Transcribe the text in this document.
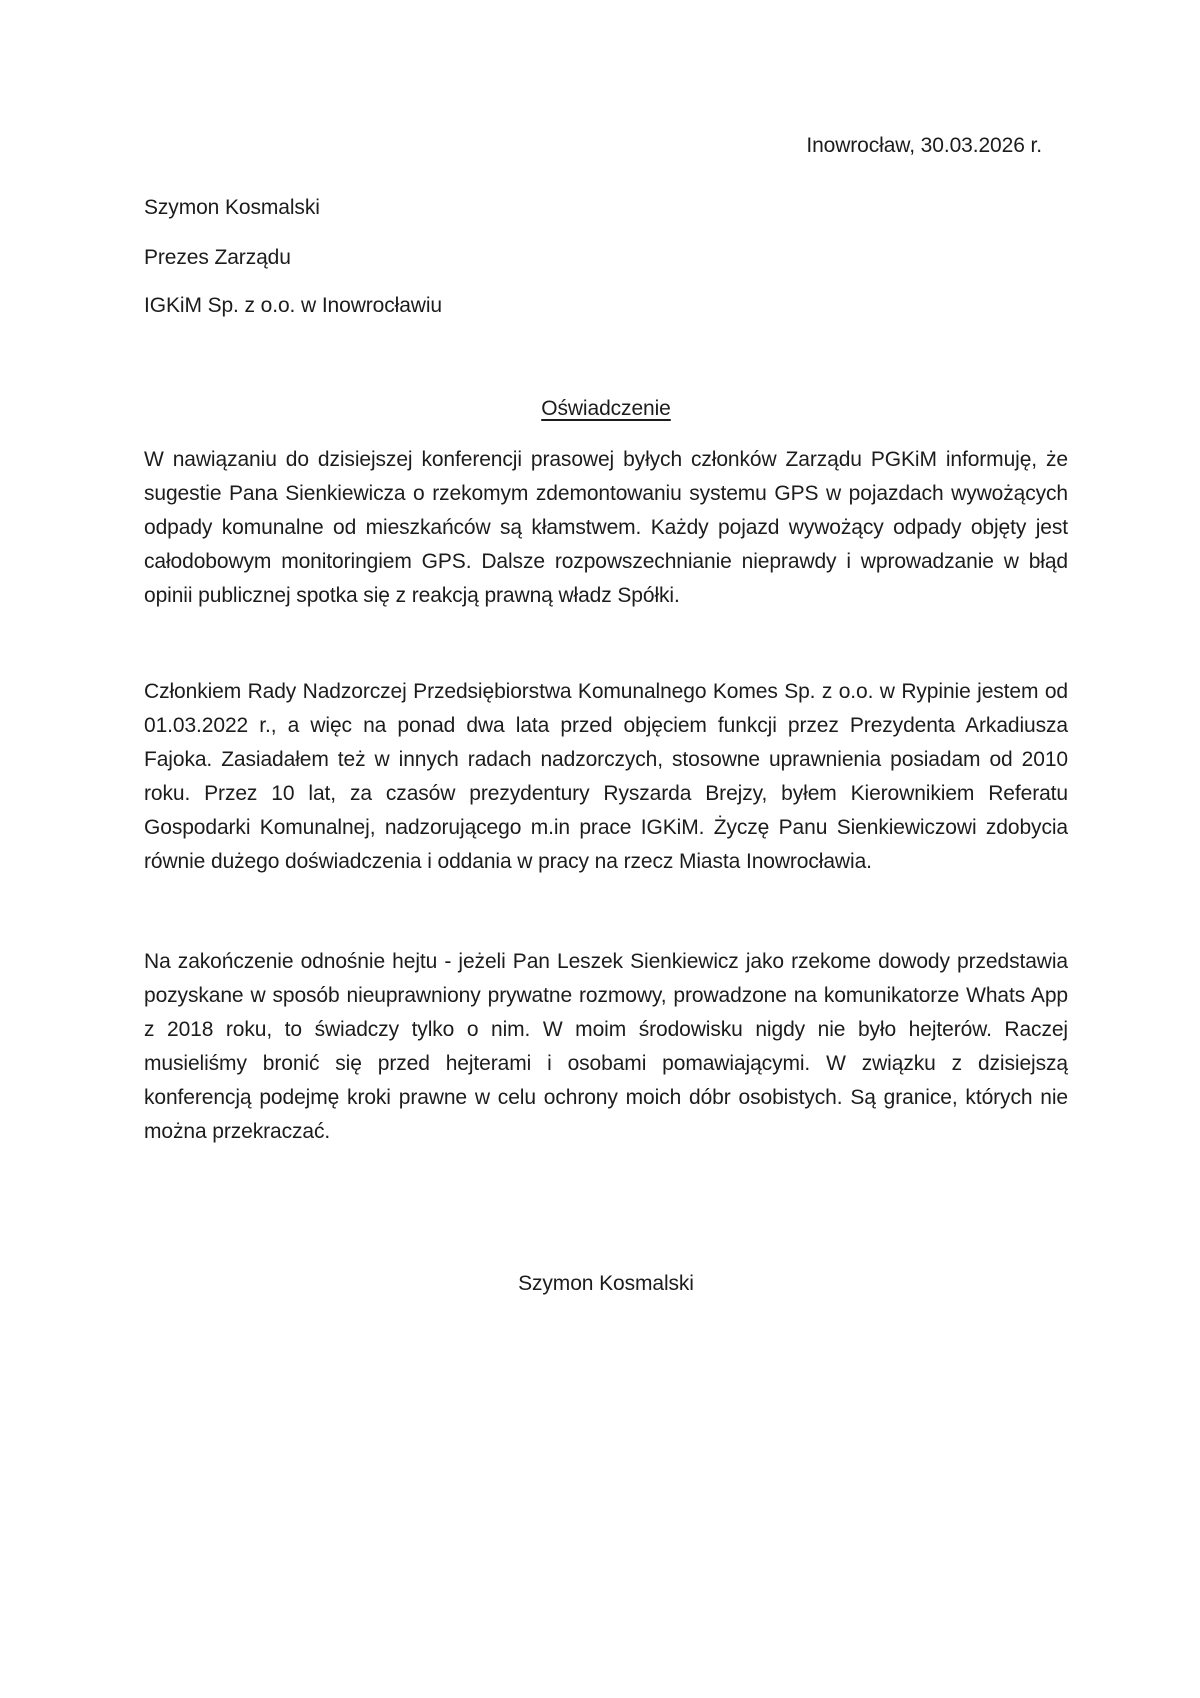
Inowrocław, 30.03.2026 r.

Szymon Kosmalski

Prezes Zarządu

IGKiM Sp. z o.o. w Inowrocławiu

Oświadczenie

W nawiązaniu do dzisiejszej konferencji prasowej byłych członków Zarządu PGKiM informuję, że sugestie Pana Sienkiewicza o rzekomym zdemontowaniu systemu GPS w pojazdach wywożących odpady komunalne od mieszkańców są kłamstwem. Każdy pojazd wywożący odpady objęty jest całodobowym monitoringiem GPS. Dalsze rozpowszechnianie nieprawdy i wprowadzanie w błąd opinii publicznej spotka się z reakcją prawną władz Spółki.

Członkiem Rady Nadzorczej Przedsiębiorstwa Komunalnego Komes Sp. z o.o. w Rypinie jestem od 01.03.2022 r., a więc na ponad dwa lata przed objęciem funkcji przez Prezydenta Arkadiusza Fajoka. Zasiadałem też w innych radach nadzorczych, stosowne uprawnienia posiadam od 2010 roku. Przez 10 lat, za czasów prezydentury Ryszarda Brejzy, byłem Kierownikiem Referatu Gospodarki Komunalnej, nadzorującego m.in prace IGKiM. Życzę Panu Sienkiewiczowi zdobycia równie dużego doświadczenia i oddania w pracy na rzecz Miasta Inowrocławia.

Na zakończenie odnośnie hejtu - jeżeli Pan Leszek Sienkiewicz jako rzekome dowody przedstawia pozyskane w sposób nieuprawniony prywatne rozmowy, prowadzone na komunikatorze Whats App z 2018 roku, to świadczy tylko o nim. W moim środowisku nigdy nie było hejterów. Raczej musieliśmy bronić się przed hejterami i osobami pomawiającymi. W związku z dzisiejszą konferencją podejmę kroki prawne w celu ochrony moich dóbr osobistych. Są granice, których nie można przekraczać.

Szymon Kosmalski
